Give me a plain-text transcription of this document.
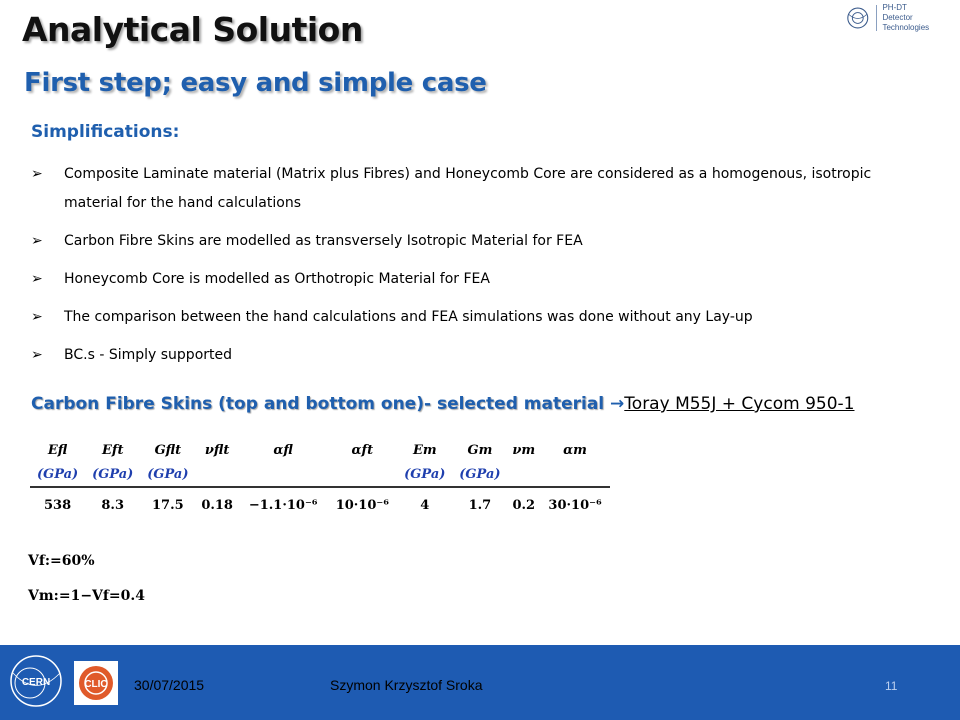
Analytical Solution
First step; easy and simple case
PH-DT
Detector Technologies
Simplifications:
➢	Composite Laminate material (Matrix plus Fibres) and Honeycomb Core are considered as a homogenous, isotropic material for the hand calculations
➢	Carbon Fibre Skins are modelled as transversely Isotropic Material for FEA
➢	Honeycomb Core is modelled as Orthotropic Material for FEA
➢	The comparison between the hand calculations and FEA simulations was done without any Lay-up
➢	BC.s - Simply supported
Carbon Fibre Skins (top and bottom one)- selected material →Toray M55J + Cycom 950-1
Efl	Eft	Gflt	νflt	αfl	αft	Em	Gm	νm	αm
(GPa)	(GPa)	(GPa)				(GPa)	(GPa)		
538	8.3	17.5	0.18	−1.1·10⁻⁶	10·10⁻⁶	4	1.7	0.2	30·10⁻⁶
Vf:=60%
Vm:=1−Vf=0.4
CERN	CLIC 30/07/2015	Szymon Krzysztof Sroka	11
